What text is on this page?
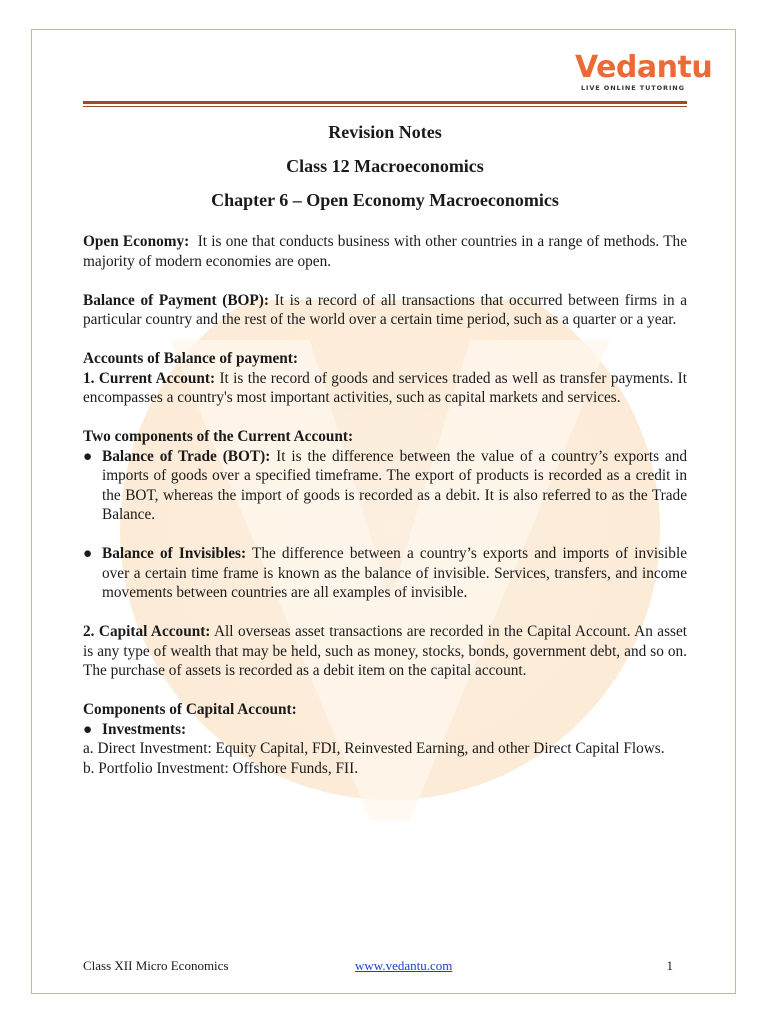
Vedantu
LIVE ONLINE TUTORING
Revision Notes
Class 12 Macroeconomics
Chapter 6 – Open Economy Macroeconomics

Open Economy: It is one that conducts business with other countries in a range of methods. The majority of modern economies are open.

Balance of Payment (BOP): It is a record of all transactions that occurred between firms in a particular country and the rest of the world over a certain time period, such as a quarter or a year.

Accounts of Balance of payment:

1. Current Account: It is the record of goods and services traded as well as transfer payments. It encompasses a country's most important activities, such as capital markets and services.

Two components of the Current Account:

● Balance of Trade (BOT): It is the difference between the value of a country’s exports and imports of goods over a specified timeframe. The export of products is recorded as a credit in the BOT, whereas the import of goods is recorded as a debit. It is also referred to as the Trade Balance.
● Balance of Invisibles: The difference between a country’s exports and imports of invisible over a certain time frame is known as the balance of invisible. Services, transfers, and income movements between countries are all examples of invisible.

2. Capital Account: All overseas asset transactions are recorded in the Capital Account. An asset is any type of wealth that may be held, such as money, stocks, bonds, government debt, and so on. The purchase of assets is recorded as a debit item on the capital account.

Components of Capital Account:

● Investments:

a. Direct Investment: Equity Capital, FDI, Reinvested Earning, and other Direct Capital Flows.

b. Portfolio Investment: Offshore Funds, FII.

Class XII Micro Economics	www.vedantu.com	1
